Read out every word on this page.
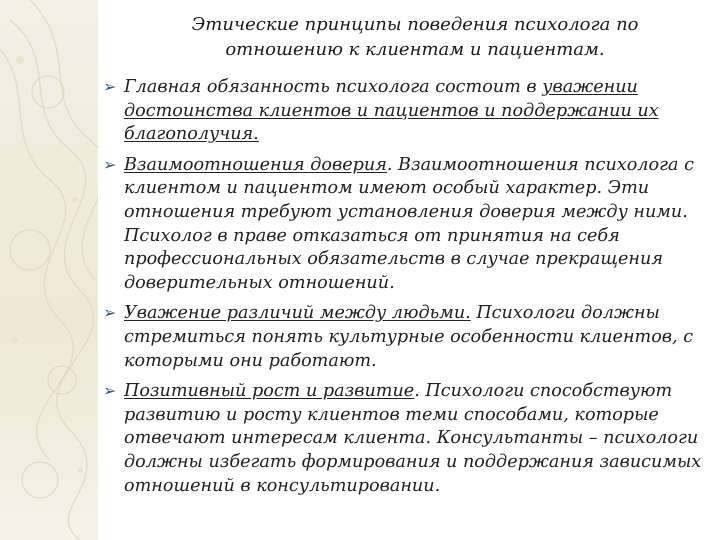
Этические принципы поведения психолога по отношению к клиентам и пациентам.
➢ Главная обязанность психолога состоит в уважении достоинства клиентов и пациентов и поддержании их благополучия.
➢ Взаимоотношения доверия. Взаимоотношения психолога с клиентом и пациентом имеют особый характер. Эти отношения требуют установления доверия между ними. Психолог в праве отказаться от принятия на себя профессиональных обязательств в случае прекращения доверительных отношений.
➢ Уважение различий между людьми. Психологи должны стремиться понять культурные особенности клиентов, с которыми они работают.
➢ Позитивный рост и развитие. Психологи способствуют развитию и росту клиентов теми способами, которые отвечают интересам клиента. Консультанты – психологи должны избегать формирования и поддержания зависимых отношений в консультировании.
